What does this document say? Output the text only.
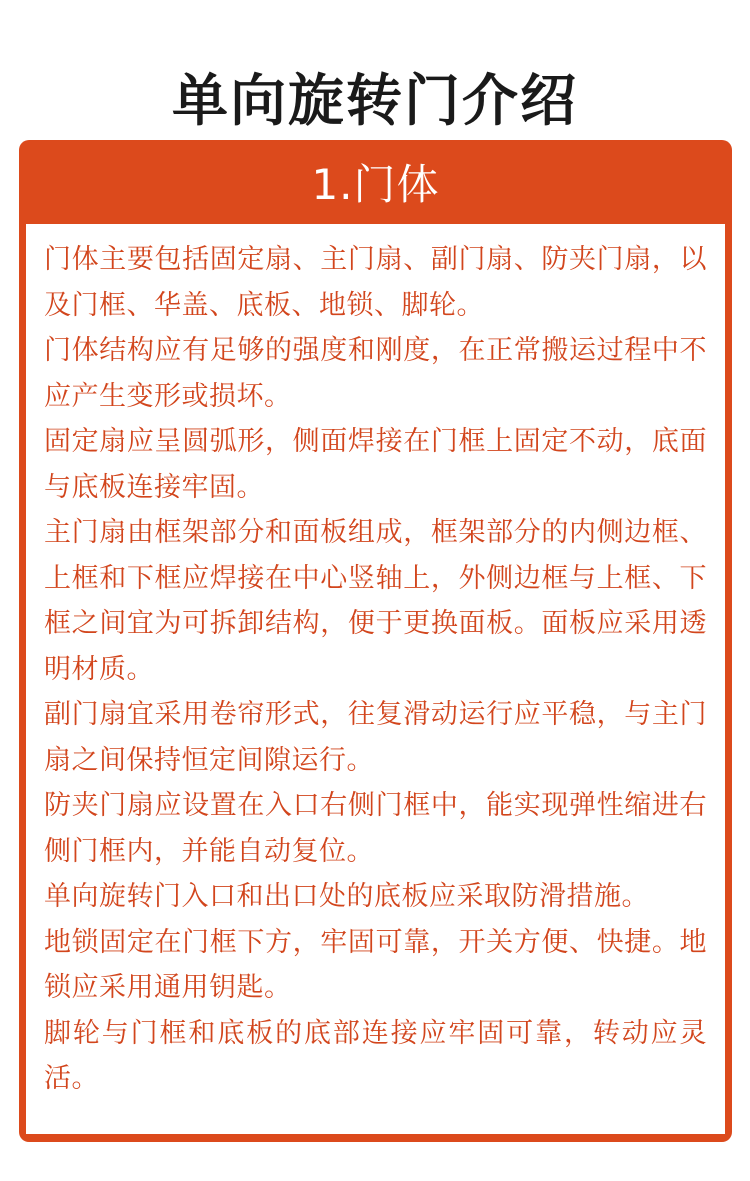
单向旋转门介绍
1.门体

门体主要包括固定扇、主门扇、副门扇、防夹门扇，以及门框、华盖、底板、地锁、脚轮。

门体结构应有足够的强度和刚度，在正常搬运过程中不应产生变形或损坏。

固定扇应呈圆弧形，侧面焊接在门框上固定不动，底面与底板连接牢固。

主门扇由框架部分和面板组成，框架部分的内侧边框、上框和下框应焊接在中心竖轴上，外侧边框与上框、下框之间宜为可拆卸结构，便于更换面板。面板应采用透明材质。

副门扇宜采用卷帘形式，往复滑动运行应平稳，与主门扇之间保持恒定间隙运行。

防夹门扇应设置在入口右侧门框中，能实现弹性缩进右侧门框内，并能自动复位。

单向旋转门入口和出口处的底板应采取防滑措施。

地锁固定在门框下方，牢固可靠，开关方便、快捷。地锁应采用通用钥匙。

脚轮与门框和底板的底部连接应牢固可靠，转动应灵活。
